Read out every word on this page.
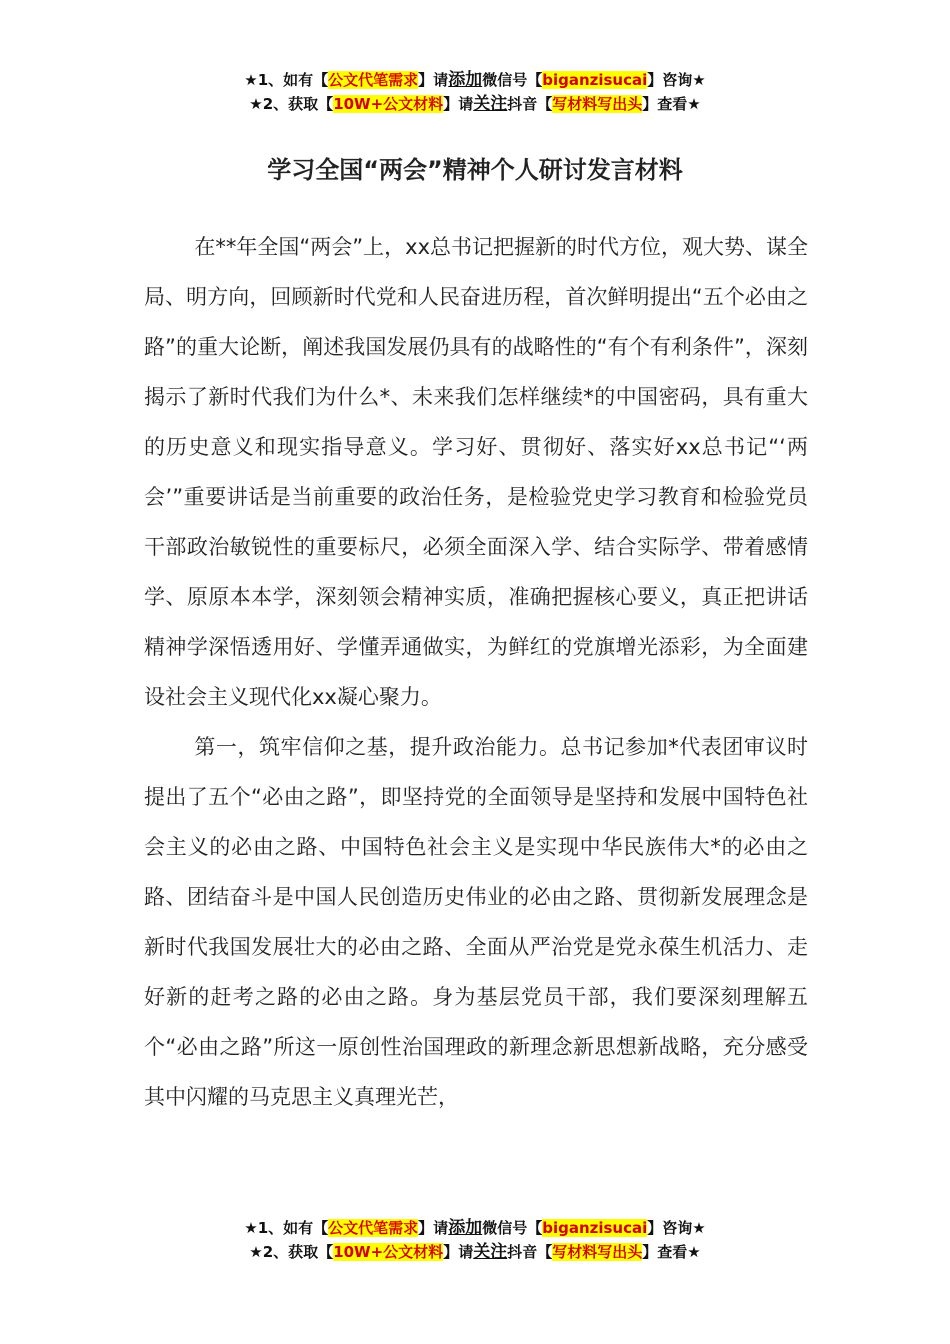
★1、如有【公文代笔需求】请添加微信号【biganzisucai】咨询★
★2、获取【10W+公文材料】请关注抖音【写材料写出头】查看★
学习全国“两会”精神个人研讨发言材料

在**年全国“两会”上，xx总书记把握新的时代方位，观大势、谋全局、明方向，回顾新时代党和人民奋进历程，首次鲜明提出“五个必由之路”的重大论断，阐述我国发展仍具有的战略性的“有个有利条件”，深刻揭示了新时代我们为什么*、未来我们怎样继续*的中国密码，具有重大的历史意义和现实指导意义。学习好、贯彻好、落实好xx总书记“‘两会’”重要讲话是当前重要的政治任务，是检验党史学习教育和检验党员干部政治敏锐性的重要标尺，必须全面深入学、结合实际学、带着感情学、原原本本学，深刻领会精神实质，准确把握核心要义，真正把讲话精神学深悟透用好、学懂弄通做实，为鲜红的党旗增光添彩，为全面建设社会主义现代化xx凝心聚力。

第一，筑牢信仰之基，提升政治能力。总书记参加*代表团审议时提出了五个“必由之路”，即坚持党的全面领导是坚持和发展中国特色社会主义的必由之路、中国特色社会主义是实现中华民族伟大*的必由之路、团结奋斗是中国人民创造历史伟业的必由之路、贯彻新发展理念是新时代我国发展壮大的必由之路、全面从严治党是党永葆生机活力、走好新的赶考之路的必由之路。身为基层党员干部，我们要深刻理解五个“必由之路”所这一原创性治国理政的新理念新思想新战略，充分感受其中闪耀的马克思主义真理光芒，

★1、如有【公文代笔需求】请添加微信号【biganzisucai】咨询★
★2、获取【10W+公文材料】请关注抖音【写材料写出头】查看★
